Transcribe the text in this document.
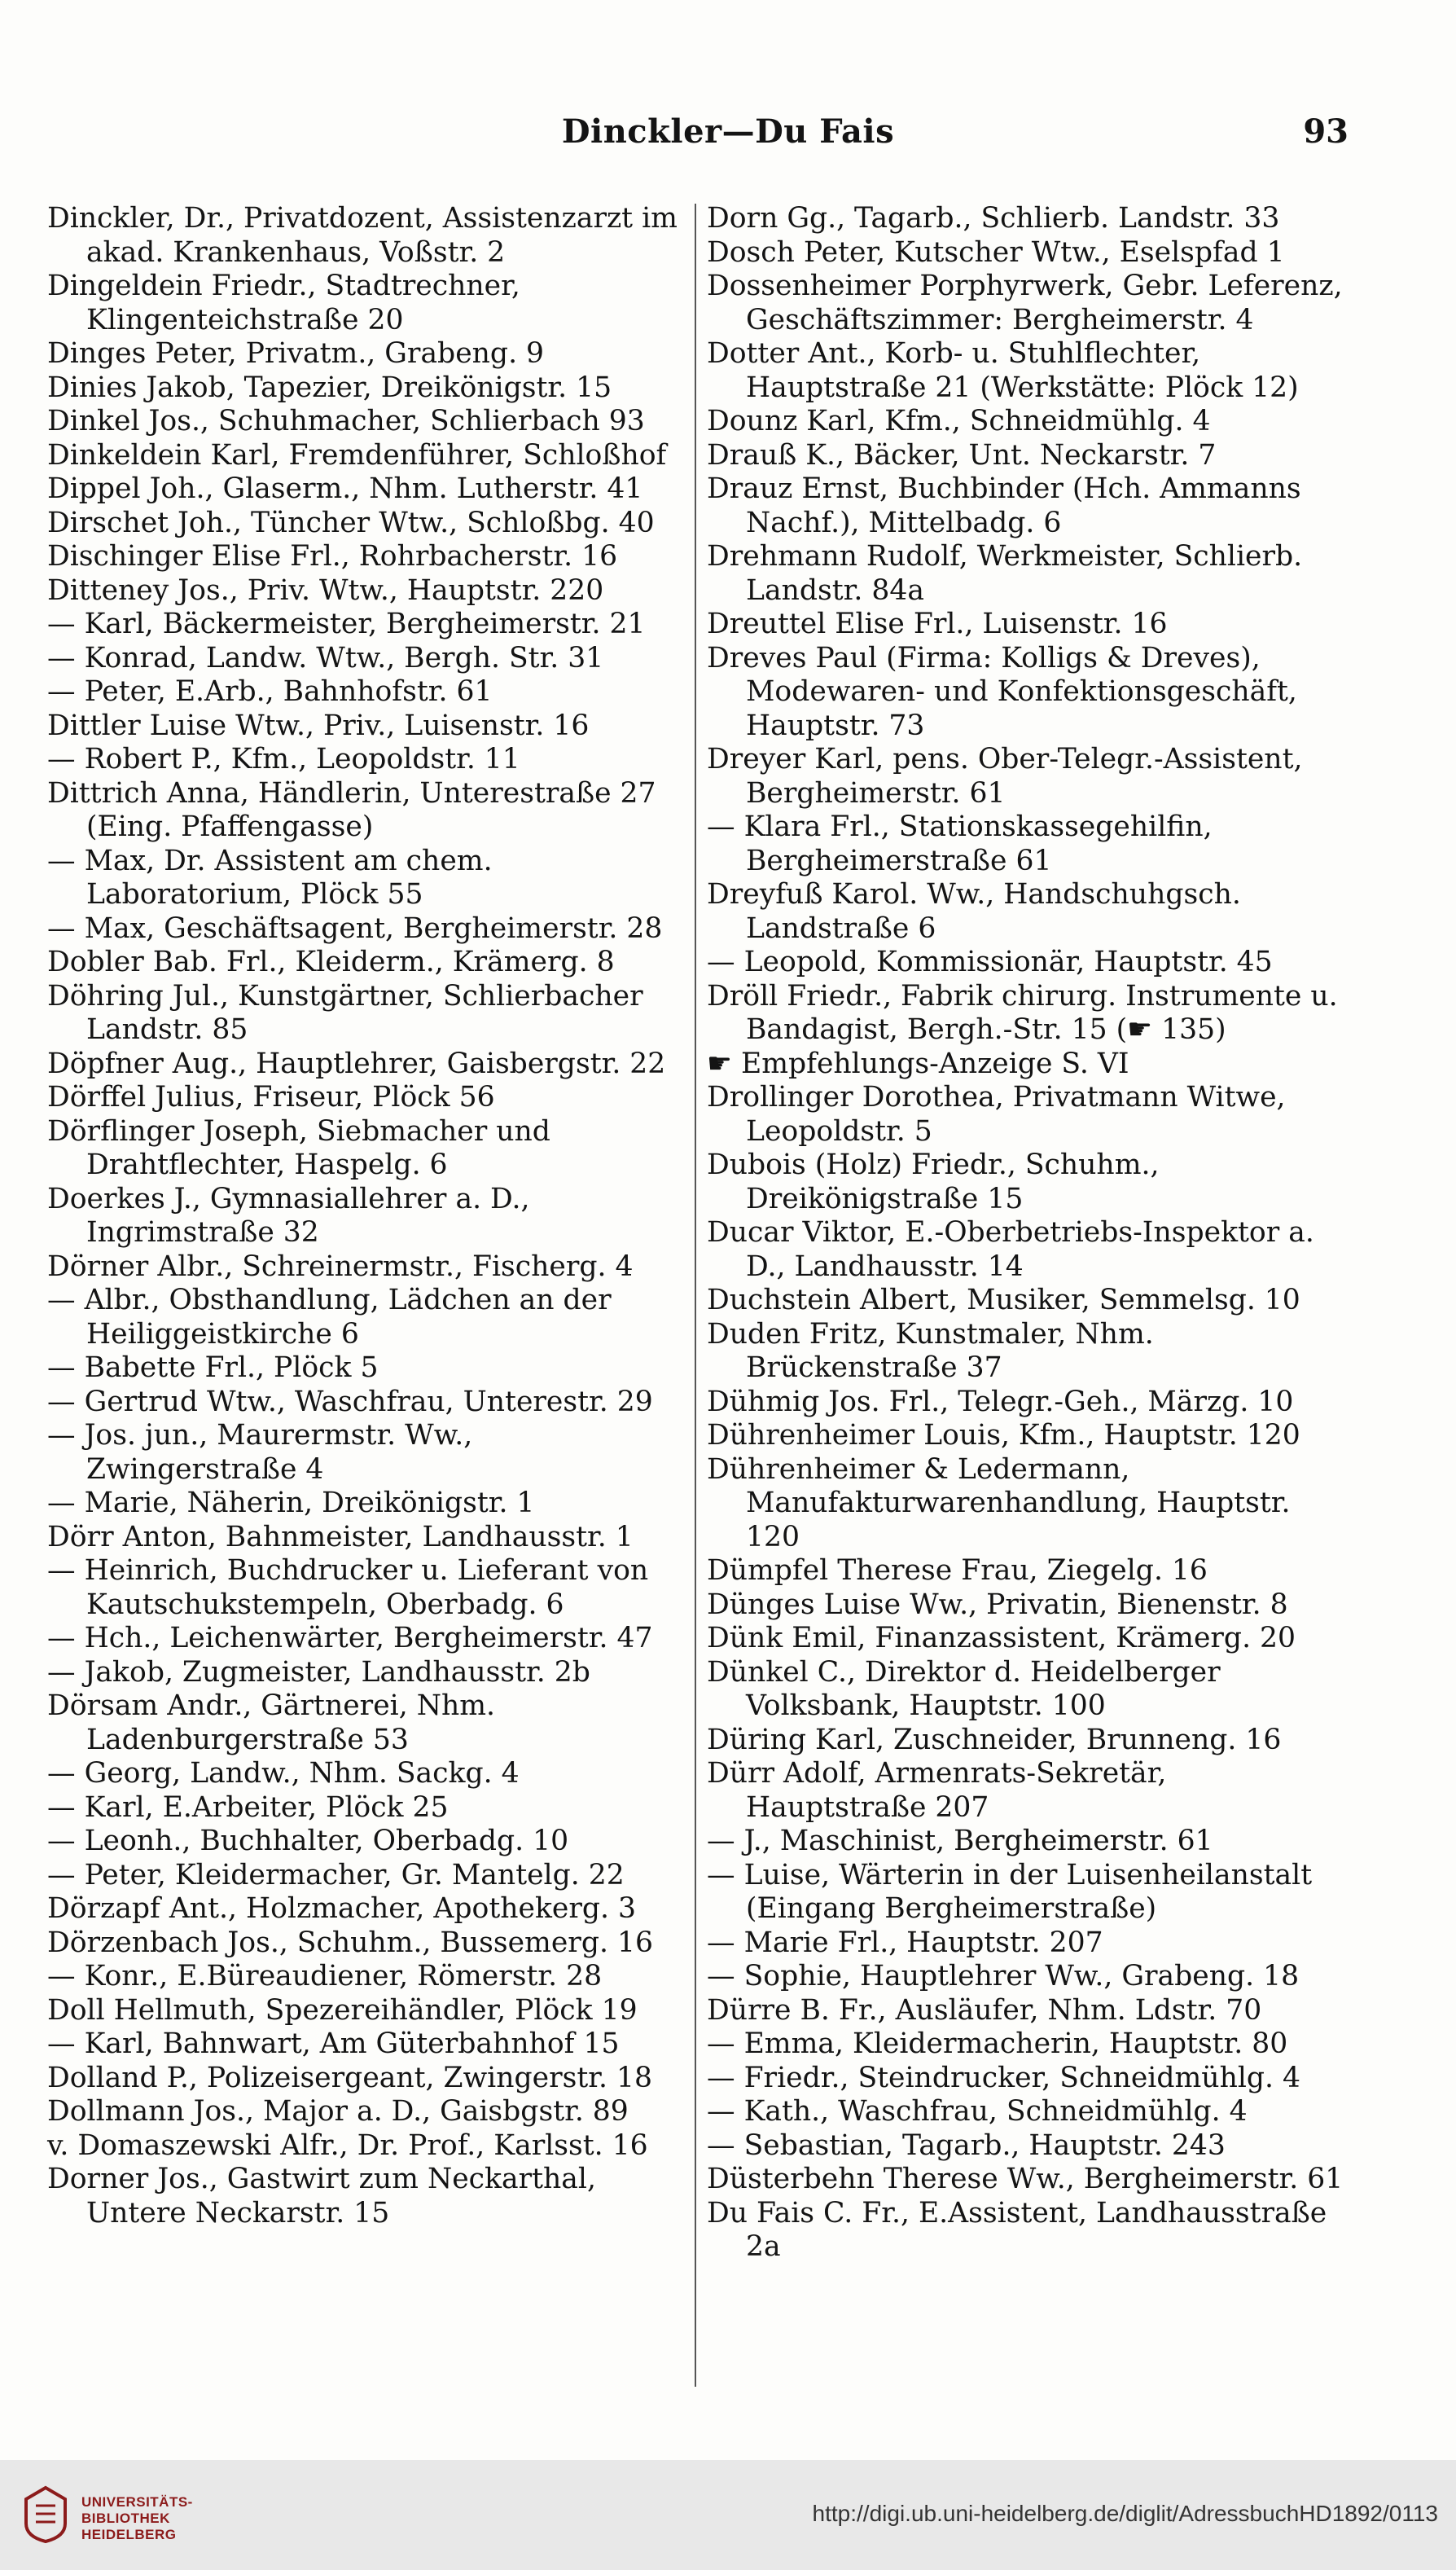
Dinckler—Du Fais	93
Dinckler, Dr., Privatdozent, Assistenzarzt im akad. Krankenhaus, Voßstr. 2
Dingeldein Friedr., Stadtrechner, Klingenteichstraße 20
Dinges Peter, Privatm., Grabeng. 9
Dinies Jakob, Tapezier, Dreikönigstr. 15
Dinkel Jos., Schuhmacher, Schlierbach 93
Dinkeldein Karl, Fremdenführer, Schloßhof
Dippel Joh., Glaserm., Nhm. Lutherstr. 41
Dirschet Joh., Tüncher Wtw., Schloßbg. 40
Dischinger Elise Frl., Rohrbacherstr. 16
Ditteney Jos., Priv. Wtw., Hauptstr. 220
— Karl, Bäckermeister, Bergheimerstr. 21
— Konrad, Landw. Wtw., Bergh. Str. 31
— Peter, E.Arb., Bahnhofstr. 61
Dittler Luise Wtw., Priv., Luisenstr. 16
— Robert P., Kfm., Leopoldstr. 11
Dittrich Anna, Händlerin, Unterestraße 27 (Eing. Pfaffengasse)
— Max, Dr. Assistent am chem. Laboratorium, Plöck 55
— Max, Geschäftsagent, Bergheimerstr. 28
Dobler Bab. Frl., Kleiderm., Krämerg. 8
Döhring Jul., Kunstgärtner, Schlierbacher Landstr. 85
Döpfner Aug., Hauptlehrer, Gaisbergstr. 22
Dörffel Julius, Friseur, Plöck 56
Dörflinger Joseph, Siebmacher und Drahtflechter, Haspelg. 6
Doerkes J., Gymnasiallehrer a. D., Ingrimstraße 32
Dörner Albr., Schreinermstr., Fischerg. 4
— Albr., Obsthandlung, Lädchen an der Heiliggeistkirche 6
— Babette Frl., Plöck 5
— Gertrud Wtw., Waschfrau, Unterestr. 29
— Jos. jun., Maurermstr. Ww., Zwingerstraße 4
— Marie, Näherin, Dreikönigstr. 1
Dörr Anton, Bahnmeister, Landhausstr. 1
— Heinrich, Buchdrucker u. Lieferant von Kautschukstempeln, Oberbadg. 6
— Hch., Leichenwärter, Bergheimerstr. 47
— Jakob, Zugmeister, Landhausstr. 2b
Dörsam Andr., Gärtnerei, Nhm. Ladenburgerstraße 53
— Georg, Landw., Nhm. Sackg. 4
— Karl, E.Arbeiter, Plöck 25
— Leonh., Buchhalter, Oberbadg. 10
— Peter, Kleidermacher, Gr. Mantelg. 22
Dörzapf Ant., Holzmacher, Apothekerg. 3
Dörzenbach Jos., Schuhm., Bussemerg. 16
— Konr., E.Büreaudiener, Römerstr. 28
Doll Hellmuth, Spezereihändler, Plöck 19
— Karl, Bahnwart, Am Güterbahnhof 15
Dolland P., Polizeisergeant, Zwingerstr. 18
Dollmann Jos., Major a. D., Gaisbgstr. 89
v. Domaszewski Alfr., Dr. Prof., Karlsst. 16
Dorner Jos., Gastwirt zum Neckarthal, Untere Neckarstr. 15
Dorn Gg., Tagarb., Schlierb. Landstr. 33
Dosch Peter, Kutscher Wtw., Eselspfad 1
Dossenheimer Porphyrwerk, Gebr. Leferenz, Geschäftszimmer: Bergheimerstr. 4
Dotter Ant., Korb- u. Stuhlflechter, Hauptstraße 21 (Werkstätte: Plöck 12)
Dounz Karl, Kfm., Schneidmühlg. 4
Drauß K., Bäcker, Unt. Neckarstr. 7
Drauz Ernst, Buchbinder (Hch. Ammanns Nachf.), Mittelbadg. 6
Drehmann Rudolf, Werkmeister, Schlierb. Landstr. 84a
Dreuttel Elise Frl., Luisenstr. 16
Dreves Paul (Firma: Kolligs & Dreves), Modewaren- und Konfektionsgeschäft, Hauptstr. 73
Dreyer Karl, pens. Ober-Telegr.-Assistent, Bergheimerstr. 61
— Klara Frl., Stationskassegehilfin, Bergheimerstraße 61
Dreyfuß Karol. Ww., Handschuhgsch. Landstraße 6
— Leopold, Kommissionär, Hauptstr. 45
Dröll Friedr., Fabrik chirurg. Instrumente u. Bandagist, Bergh.-Str. 15 (☛ 135)
☛ Empfehlungs-Anzeige S. VI
Drollinger Dorothea, Privatmann Witwe, Leopoldstr. 5
Dubois (Holz) Friedr., Schuhm., Dreikönigstraße 15
Ducar Viktor, E.-Oberbetriebs-Inspektor a. D., Landhausstr. 14
Duchstein Albert, Musiker, Semmelsg. 10
Duden Fritz, Kunstmaler, Nhm. Brückenstraße 37
Dühmig Jos. Frl., Telegr.-Geh., Märzg. 10
Dührenheimer Louis, Kfm., Hauptstr. 120
Dührenheimer & Ledermann, Manufakturwarenhandlung, Hauptstr. 120
Dümpfel Therese Frau, Ziegelg. 16
Dünges Luise Ww., Privatin, Bienenstr. 8
Dünk Emil, Finanzassistent, Krämerg. 20
Dünkel C., Direktor d. Heidelberger Volksbank, Hauptstr. 100
Düring Karl, Zuschneider, Brunneng. 16
Dürr Adolf, Armenrats-Sekretär, Hauptstraße 207
— J., Maschinist, Bergheimerstr. 61
— Luise, Wärterin in der Luisenheilanstalt (Eingang Bergheimerstraße)
— Marie Frl., Hauptstr. 207
— Sophie, Hauptlehrer Ww., Grabeng. 18
Dürre B. Fr., Ausläufer, Nhm. Ldstr. 70
— Emma, Kleidermacherin, Hauptstr. 80
— Friedr., Steindrucker, Schneidmühlg. 4
— Kath., Waschfrau, Schneidmühlg. 4
— Sebastian, Tagarb., Hauptstr. 243
Düsterbehn Therese Ww., Bergheimerstr. 61
Du Fais C. Fr., E.Assistent, Landhausstraße 2a
UNIVERSITÄTS-
BIBLIOTHEK
HEIDELBERG
http://digi.ub.uni-heidelberg.de/diglit/AdressbuchHD1892/0113
